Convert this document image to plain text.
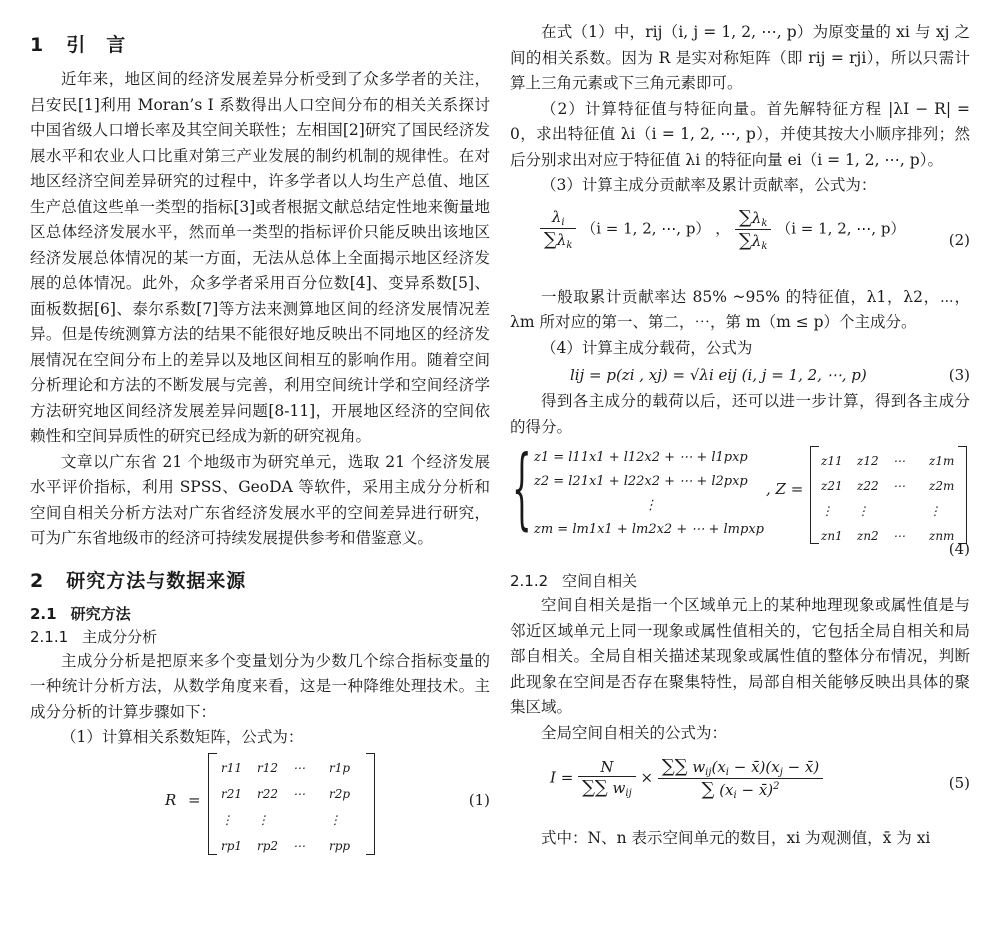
1 引　言

近年来，地区间的经济发展差异分析受到了众多学者的关注，吕安民[1]利用 Moran’s I 系数得出人口空间分布的相关关系探讨中国省级人口增长率及其空间关联性；左相国[2]研究了国民经济发展水平和农业人口比重对第三产业发展的制约机制的规律性。在对地区经济空间差异研究的过程中，许多学者以人均生产总值、地区生产总值这些单一类型的指标[3]或者根据文献总结定性地来衡量地区总体经济发展水平，然而单一类型的指标评价只能反映出该地区经济发展总体情况的某一方面，无法从总体上全面揭示地区经济发展的总体情况。此外，众多学者采用百分位数[4]、变异系数[5]、面板数据[6]、泰尔系数[7]等方法来测算地区间的经济发展情况差异。但是传统测算方法的结果不能很好地反映出不同地区的经济发展情况在空间分布上的差异以及地区间相互的影响作用。随着空间分析理论和方法的不断发展与完善，利用空间统计学和空间经济学方法研究地区间经济发展差异问题[8-11]，开展地区经济的空间依赖性和空间异质性的研究已经成为新的研究视角。

文章以广东省 21 个地级市为研究单元，选取 21 个经济发展水平评价指标，利用 SPSS、GeoDA 等软件，采用主成分分析和空间自相关分析方法对广东省经济发展水平的空间差异进行研究，可为广东省地级市的经济可持续发展提供参考和借鉴意义。

2 研究方法与数据来源
2.1 研究方法
2.1.1 主成分分析

主成分分析是把原来多个变量划分为少数几个综合指标变量的一种统计分析方法，从数学角度来看，这是一种降维处理技术。主成分分析的计算步骤如下：

（1）计算相关系数矩阵，公式为：

R =
r11	r12	⋯	r1p
r21	r22	⋯	r2p
⋮	⋮		⋮
rp1	rp2	⋯	rpp
(1)

在式（1）中，rij（i, j = 1, 2, ⋯, p）为原变量的 xi 与 xj 之间的相关系数。因为 R 是实对称矩阵（即 rij = rji），所以只需计算上三角元素或下三角元素即可。

（2）计算特征值与特征向量。首先解特征方程 |λI − R| = 0，求出特征值 λi（i = 1, 2, ⋯, p），并使其按大小顺序排列；然后分别求出对应于特征值 λi 的特征向量 ei（i = 1, 2, ⋯, p）。

（3）计算主成分贡献率及累计贡献率，公式为：

$\frac{\lambda_i}{\sum\lambda_k} (i = 1$, 2, ⋯, p） ， $\frac{\sum\lambda_k}{\sum\lambda_k} (i = 1$, 2, ⋯, p）
(2)

一般取累计贡献率达 85% ~95% 的特征值，λ1，λ2，⋯，λm 所对应的第一、第二，⋯，第 m（m ≤ p）个主成分。

（4）计算主成分载荷，公式为

lij = p(zi , xj) = √λi eij (i, j = 1, 2, ⋯, p)	(3)

得到各主成分的载荷以后，还可以进一步计算，得到各主成分的得分。

{ z1 = l11x1 + l12x2 + ⋯ + l1pxp
z2 = l21x1 + l22x2 + ⋯ + l2pxp
⋮
zm = lm1x1 + lm2x2 + ⋯ + lmpxp
, Z =
z11	z12	⋯	z1m
z21	z22	⋯	z2m
⋮	⋮		⋮
zn1	zn2	⋯	znm
(4)
2.1.2 空间自相关

空间自相关是指一个区域单元上的某种地理现象或属性值是与邻近区域单元上同一现象或属性值相关的，它包括全局自相关和局部自相关。全局自相关描述某现象或属性值的整体分布情况，判断此现象在空间是否存在聚集特性，局部自相关能够反映出具体的聚集区域。

全局空间自相关的公式为：

$I = \frac{N}{\sum\sum w_{ij}} \times \frac{\sum\sum w_{ij}(x_i - x̄)(x_j - x̄)}{\sum (x_i - x̄)^2}$	(5)

式中：N、n 表示空间单元的数目，xi 为观测值，x̄ 为 xi
